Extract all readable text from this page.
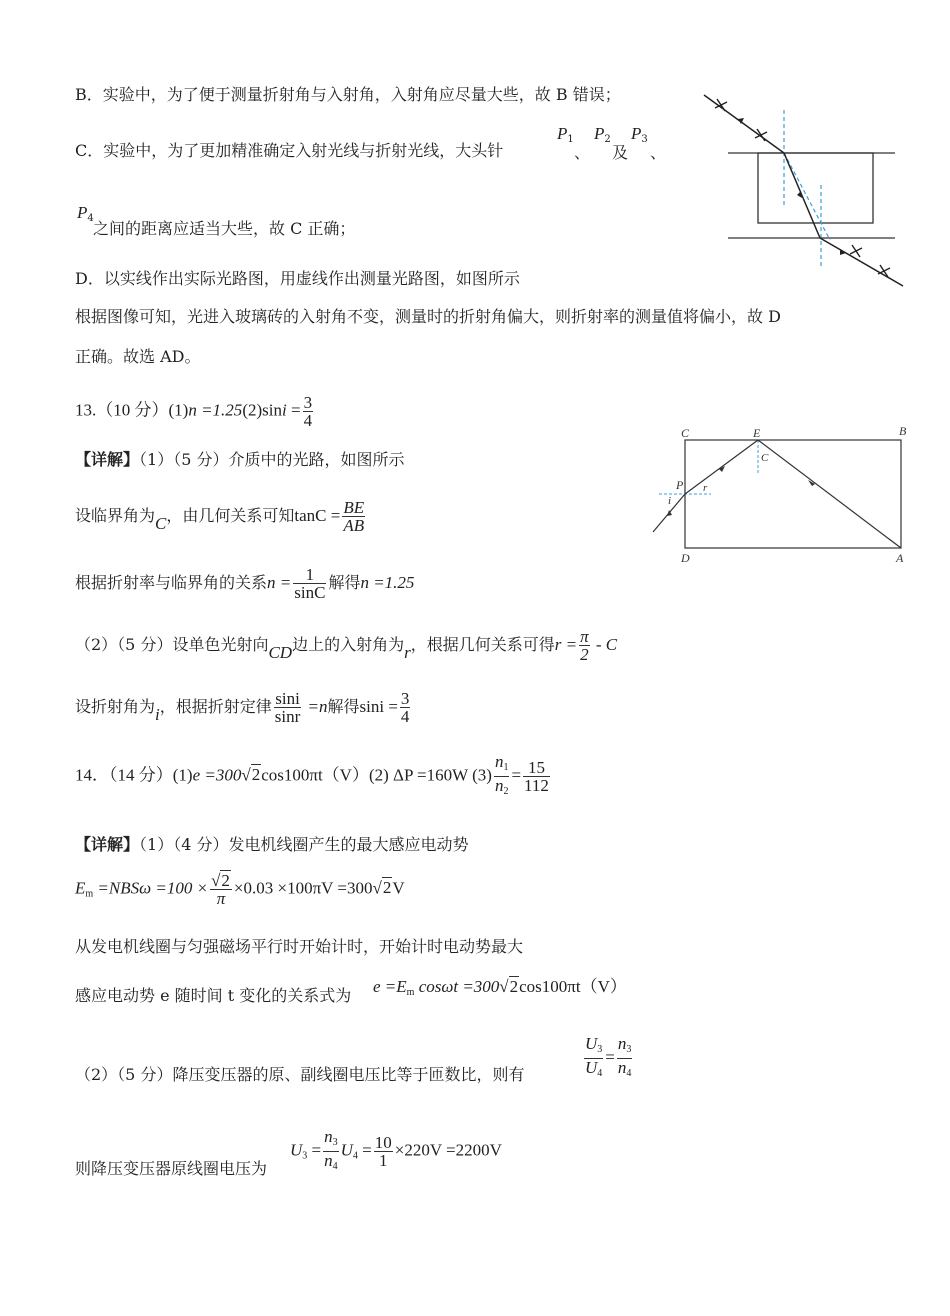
B．实验中，为了便于测量折射角与入射角，入射角应尽量大些，故 B 错误；
C．实验中，为了更加精准确定入射光线与折射光线，大头针
$P_1$
、
$P_2$
及
$P_3$
、
$P_4$
之间的距离应适当大些，故 C 正确；
D．以实线作出实际光路图，用虚线作出测量光路图，如图所示
根据图像可知，光进入玻璃砖的入射角不变，测量时的折射角偏大，则折射率的测量值将偏小，故 D
正确。故选 AD。
13.（10 分）$(1)n =1.25(2)\sin i = \frac{3}{4}$
【详解】（1）（5 分）介质中的光路，如图所示
设临界角为C，由几何关系可知$\tan C = \frac{BE}{AB}$
根据折射率与临界角的关系$n = \frac{1}{\sin C}$ 解得n =1.25
（2）（5 分）设单色光射向CD边上的入射角为r，根据几何关系可得$r = \frac{\pi}{2} - C$
设折射角为i，根据折射定律 $\frac{\sin i}{\sin r} =n$解得$\sin i = \frac{3}{4}$
C	E	B
C
P r
i
D	A
14．（14 分）(1)e =300√2cos100πt（V）(2) ΔP =160W $(3) \frac{n_1}{n_2} = \frac{15}{112}$
【详解】（1）（4 分）发电机线圈产生的最大感应电动势
$E_m =NBS\omega =100 \times \frac{√2}{\pi} \times 0.03 \times 100\pi V =300√2V$
从发电机线圈与匀强磁场平行时开始计时，开始计时电动势最大
感应电动势 e 随时间 t 变化的关系式为 $e =E_m$ cosωt =300√2cos100πt（V）
（2）（5 分）降压变压器的原、副线圈电压比等于匝数比，则有	$\frac{U_3}{U_4} = \frac{n_3}{n_4}$
则降压变压器原线圈电压为
$U_3 = \frac{n_3}{n_4} U_4 = \frac{10}{1} \times 220V =2200V$
